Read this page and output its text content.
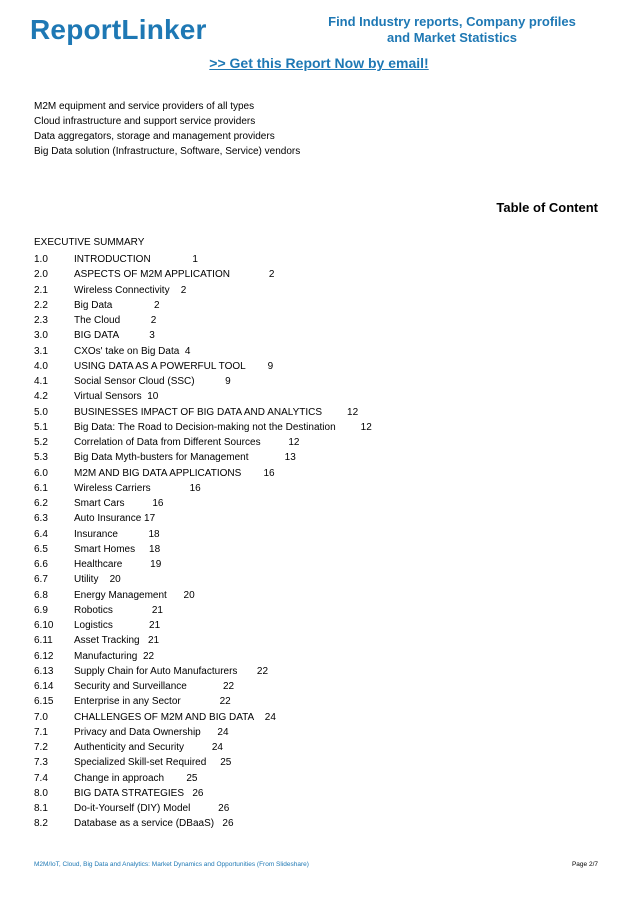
ReportLinker	Find Industry reports, Company profiles and Market Statistics
>> Get this Report Now by email!
M2M equipment and service providers of all types
Cloud infrastructure and support service providers
Data aggregators, storage and management providers
Big Data solution (Infrastructure, Software, Service) vendors
Table of Content
EXECUTIVE SUMMARY
1.0	INTRODUCTION	1
2.0	ASPECTS OF M2M APPLICATION	2
2.1	Wireless Connectivity 2
2.2	Big Data	2
2.3	The Cloud	2
3.0	BIG DATA	3
3.1	CXOs' take on Big Data 4
4.0	USING DATA AS A POWERFUL TOOL 9
4.1	Social Sensor Cloud (SSC)	9
4.2	Virtual Sensors 10
5.0	BUSINESSES IMPACT OF BIG DATA AND ANALYTICS	12
5.1	Big Data: The Road to Decision-making not the Destination	12
5.2	Correlation of Data from Different Sources	12
5.3	Big Data Myth-busters for Management	13
6.0	M2M AND BIG DATA APPLICATIONS 16
6.1	Wireless Carriers	16
6.2	Smart Cars	16
6.3	Auto Insurance 17
6.4	Insurance	18
6.5	Smart Homes 18
6.6	Healthcare	19
6.7	Utility 20
6.8	Energy Management 20
6.9	Robotics	21
6.10 Logistics	21
6.11 Asset Tracking 21
6.12 Manufacturing 22
6.13 Supply Chain for Auto Manufacturers 22
6.14 Security and Surveillance	22
6.15 Enterprise in any Sector	22
7.0	CHALLENGES OF M2M AND BIG DATA 24
7.1	Privacy and Data Ownership 24
7.2	Authenticity and Security	24
7.3	Specialized Skill-set Required 25
7.4	Change in approach 25
8.0	BIG DATA STRATEGIES 26
8.1	Do-it-Yourself (DIY) Model	26
8.2	Database as a service (DBaaS) 26
M2M/IoT, Cloud, Big Data and Analytics: Market Dynamics and Opportunities (From Slideshare)	Page 2/7
